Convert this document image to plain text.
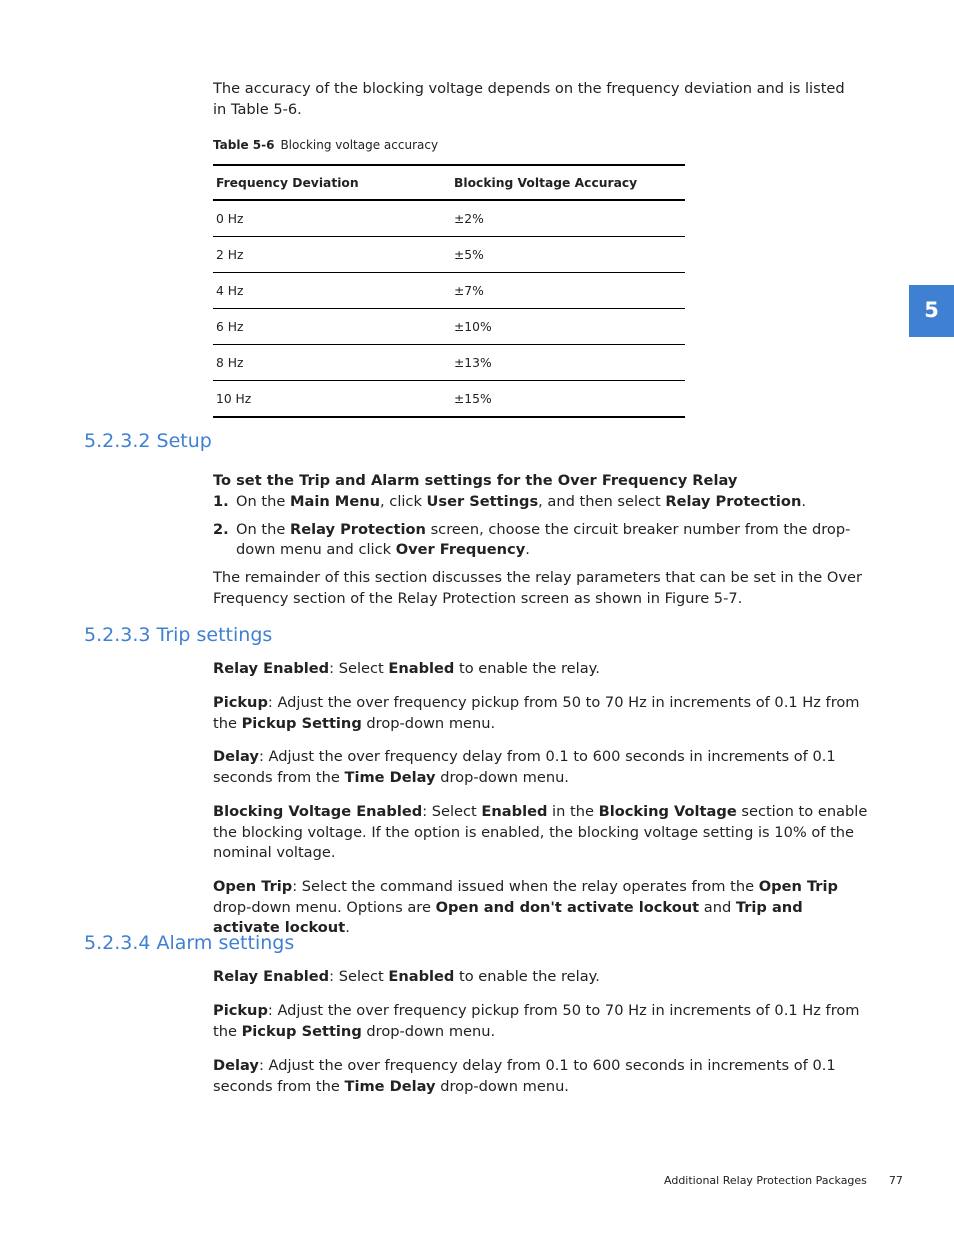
The accuracy of the blocking voltage depends on the frequency deviation and is listed in Table 5-6.
Table 5-6 Blocking voltage accuracy
Frequency Deviation	Blocking Voltage Accuracy
0 Hz	±2%
2 Hz	±5%
4 Hz	±7%
6 Hz	±10%
8 Hz	±13%
10 Hz	±15%
5.2.3.2 Setup
To set the Trip and Alarm settings for the Over Frequency Relay
1. On the Main Menu, click User Settings, and then select Relay Protection.
2. On the Relay Protection screen, choose the circuit breaker number from the drop-down menu and click Over Frequency.
The remainder of this section discusses the relay parameters that can be set in the Over Frequency section of the Relay Protection screen as shown in Figure 5-7.
5.2.3.3 Trip settings
Relay Enabled: Select Enabled to enable the relay.
Pickup: Adjust the over frequency pickup from 50 to 70 Hz in increments of 0.1 Hz from the Pickup Setting drop-down menu.
Delay: Adjust the over frequency delay from 0.1 to 600 seconds in increments of 0.1 seconds from the Time Delay drop-down menu.
Blocking Voltage Enabled: Select Enabled in the Blocking Voltage section to enable the blocking voltage. If the option is enabled, the blocking voltage setting is 10% of the nominal voltage.
Open Trip: Select the command issued when the relay operates from the Open Trip drop-down menu. Options are Open and don't activate lockout and Trip and activate lockout.
5.2.3.4 Alarm settings
Relay Enabled: Select Enabled to enable the relay.
Pickup: Adjust the over frequency pickup from 50 to 70 Hz in increments of 0.1 Hz from the Pickup Setting drop-down menu.
Delay: Adjust the over frequency delay from 0.1 to 600 seconds in increments of 0.1 seconds from the Time Delay drop-down menu.
5
Additional Relay Protection Packages 77
